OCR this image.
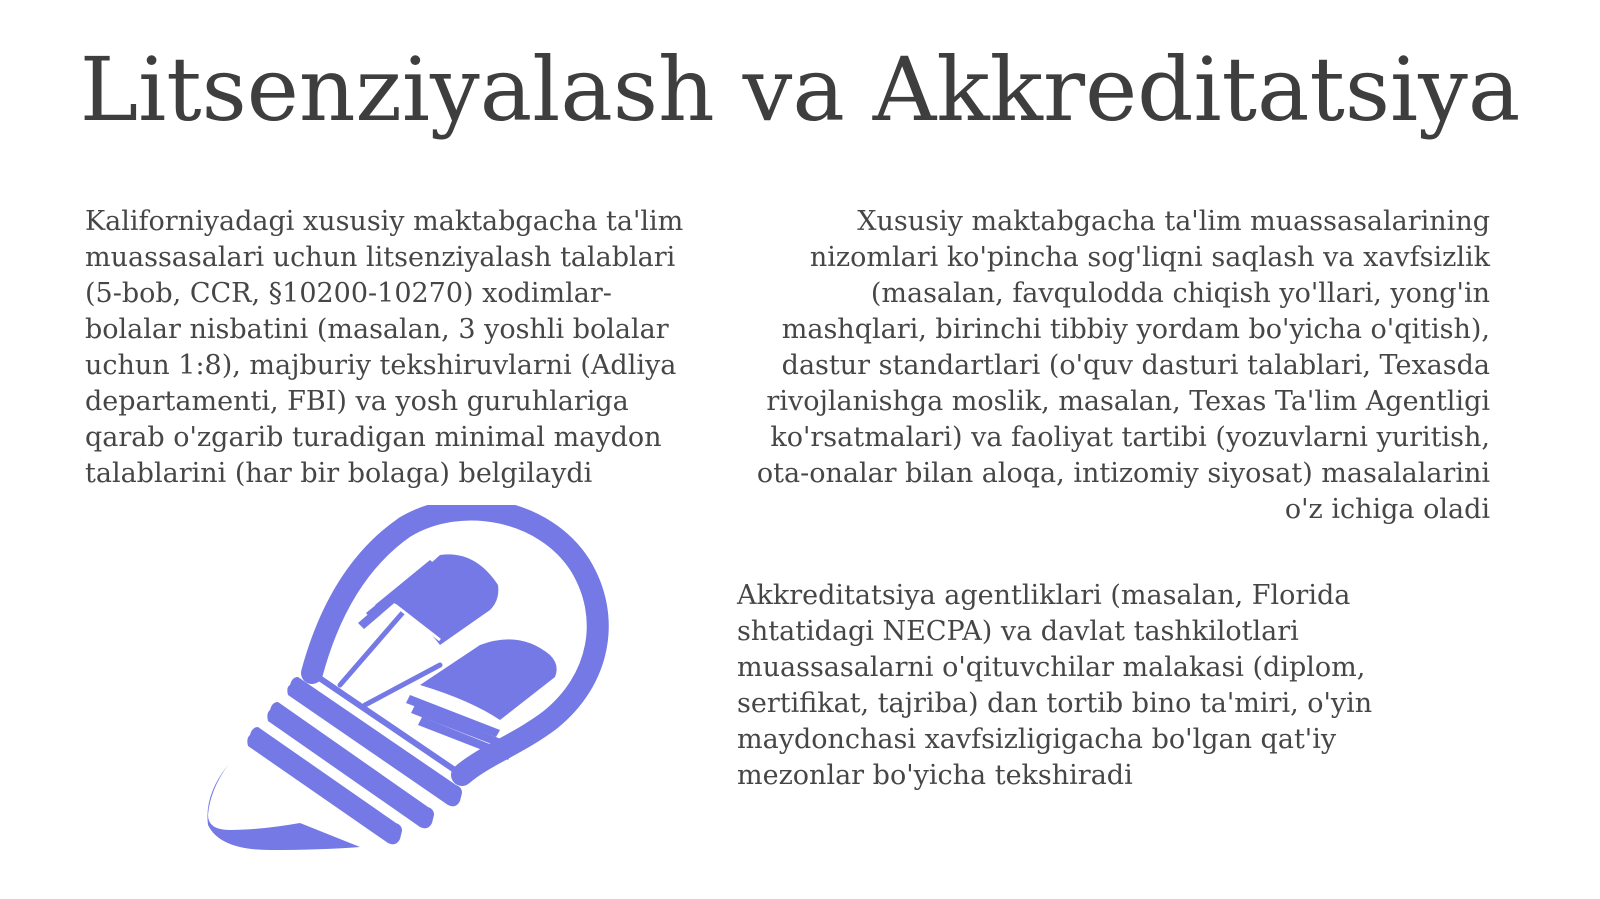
Litsenziyalash va Akkreditatsiya
Kaliforniyadagi xususiy maktabgacha ta'lim muassasalari uchun litsenziyalash talablari (5-bob, CCR, §10200-10270) xodimlar-bolalar nisbatini (masalan, 3 yoshli bolalar uchun 1:8), majburiy tekshiruvlarni (Adliya departamenti, FBI) va yosh guruhlariga qarab o'zgarib turadigan minimal maydon talablarini (har bir bolaga) belgilaydi
Xususiy maktabgacha ta'lim muassasalarining nizomlari ko'pincha sog'liqni saqlash va xavfsizlik (masalan, favqulodda chiqish yo'llari, yong'in mashqlari, birinchi tibbiy yordam bo'yicha o'qitish), dastur standartlari (o'quv dasturi talablari, Texasda rivojlanishga moslik, masalan, Texas Ta'lim Agentligi ko'rsatmalari) va faoliyat tartibi (yozuvlarni yuritish, ota-onalar bilan aloqa, intizomiy siyosat) masalalarini o'z ichiga oladi
Akkreditatsiya agentliklari (masalan, Florida shtatidagi NECPA) va davlat tashkilotlari muassasalarni o'qituvchilar malakasi (diplom, sertifikat, tajriba) dan tortib bino ta'miri, o'yin maydonchasi xavfsizligigacha bo'lgan qat'iy mezonlar bo'yicha tekshiradi
